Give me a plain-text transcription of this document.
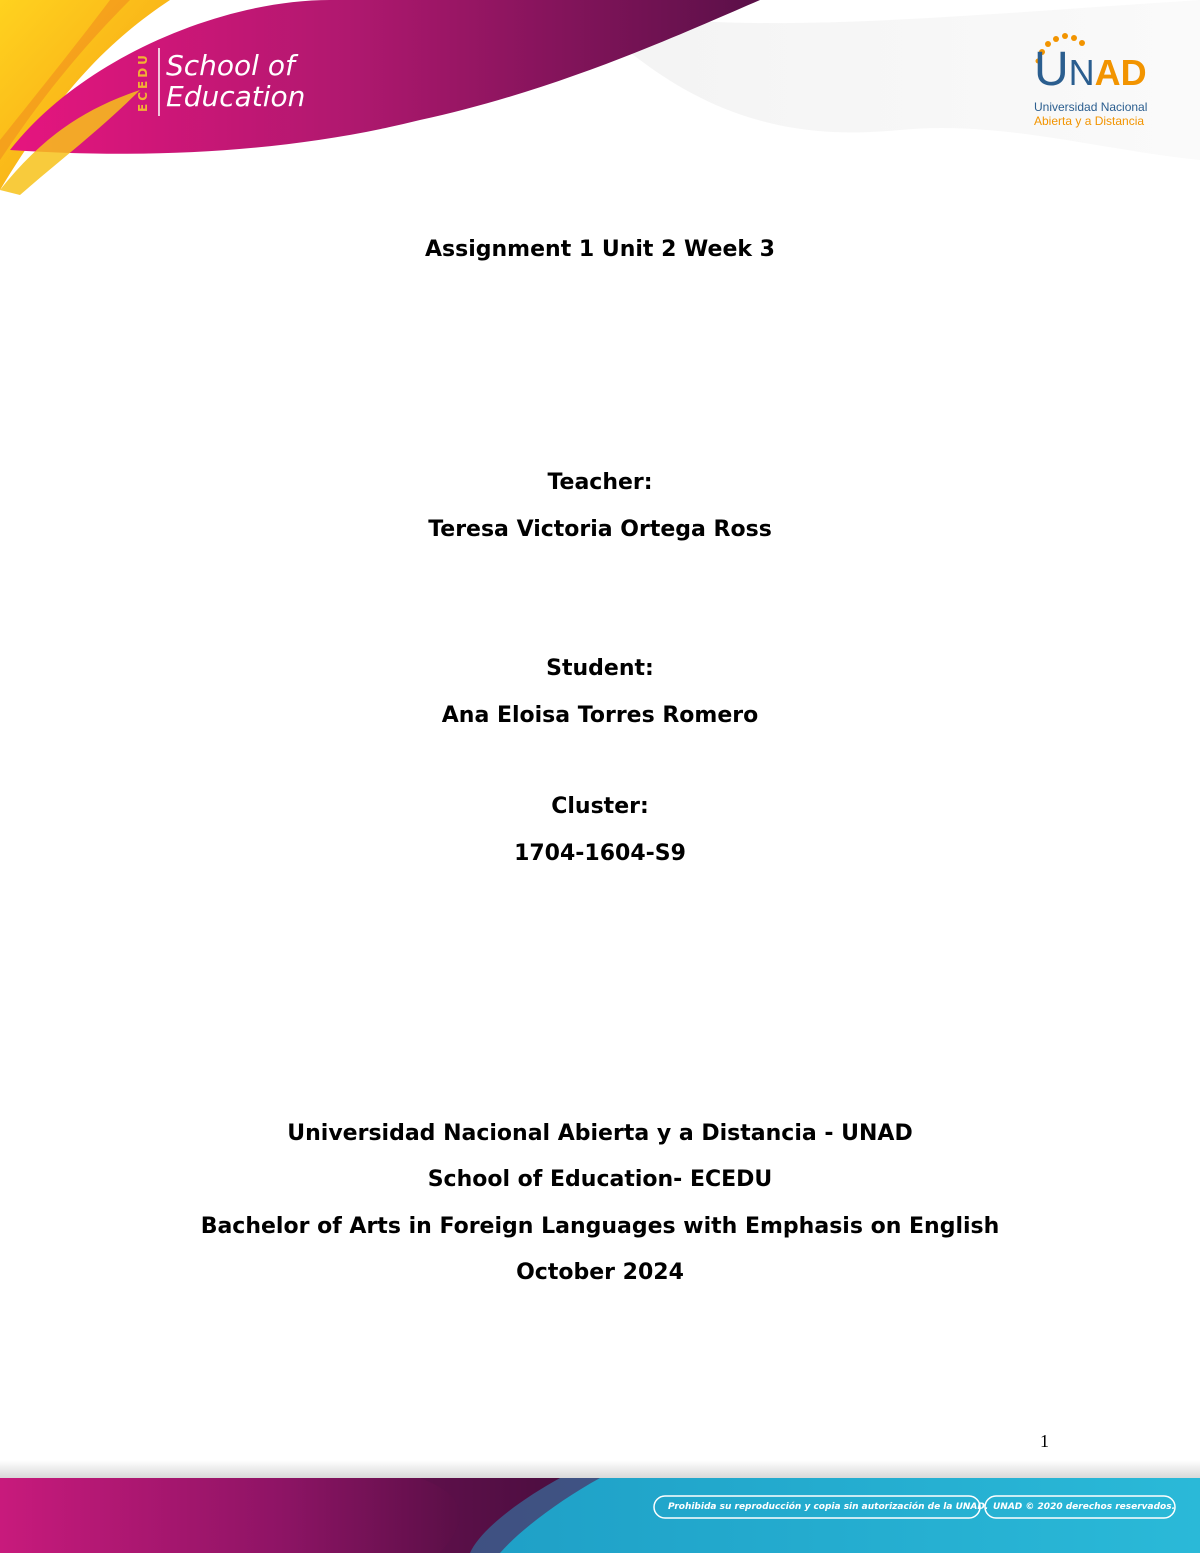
ECEDU School of
Education
UNAD
Universidad Nacional
Abierta y a Distancia
Assignment 1 Unit 2 Week 3
Teacher:
Teresa Victoria Ortega Ross
Student:
Ana Eloisa Torres Romero
Cluster:
1704-1604-S9
Universidad Nacional Abierta y a Distancia - UNAD
School of Education- ECEDU
Bachelor of Arts in Foreign Languages with Emphasis on English
October 2024
1
Prohibida su reproducción y copia sin autorización de la UNAD. UNAD © 2020 derechos reservados.
